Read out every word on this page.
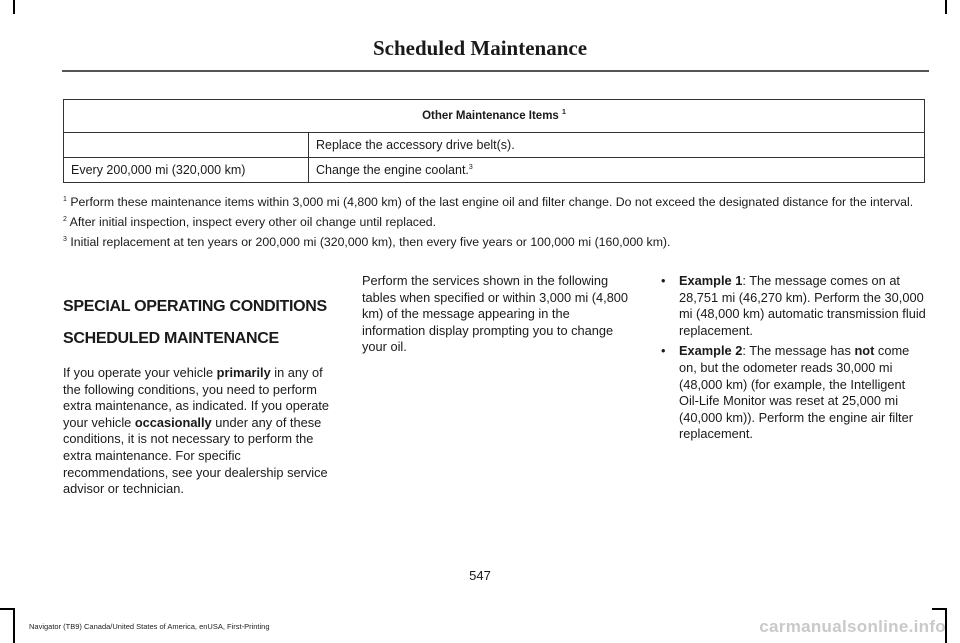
Scheduled Maintenance
Other Maintenance Items $^1$
	Replace the accessory drive belt(s).
Every 200,000 mi (320,000 km)	Change the engine coolant.$^3$

$^1$ Perform these maintenance items within 3,000 mi (4,800 km) of the last engine oil and filter change. Do not exceed the designated distance for the interval.

$^2$ After initial inspection, inspect every other oil change until replaced.

$^3$ Initial replacement at ten years or 200,000 mi (320,000 km), then every five years or 100,000 mi (160,000 km).

SPECIAL OPERATING CONDITIONS
SCHEDULED MAINTENANCE

If you operate your vehicle primarily in any of the following conditions, you need to perform extra maintenance, as indicated. If you operate your vehicle occasionally under any of these conditions, it is not necessary to perform the extra maintenance. For specific recommendations, see your dealership service advisor or technician.

Perform the services shown in the following tables when specified or within 3,000 mi (4,800 km) of the message appearing in the information display prompting you to change your oil.

• Example 1: The message comes on at 28,751 mi (46,270 km). Perform the 30,000 mi (48,000 km) automatic transmission fluid replacement.
• Example 2: The message has not come on, but the odometer reads 30,000 mi (48,000 km) (for example, the Intelligent Oil-Life Monitor was reset at 25,000 mi (40,000 km)). Perform the engine air filter replacement.
547
Navigator (TB9) Canada/United States of America, enUSA, First-Printing	carmanualsonline.info
